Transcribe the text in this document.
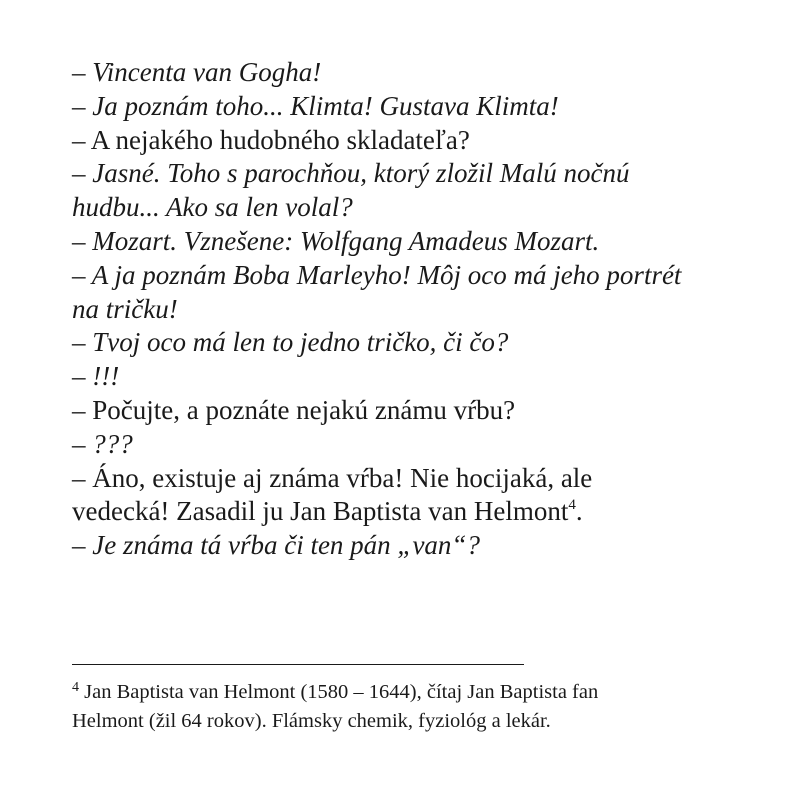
– Vincenta van Gogha!
– Ja poznám toho... Klimta! Gustava Klimta!
– A nejakého hudobného skladateľa?
– Jasné. Toho s parochňou, ktorý zložil Malú nočnú
hudbu... Ako sa len volal?
– Mozart. Vznešene: Wolfgang Amadeus Mozart.
– A ja poznám Boba Marleyho! Môj oco má jeho portrét
na tričku!
– Tvoj oco má len to jedno tričko, či čo?
– !!!
– Počujte, a poznáte nejakú známu vŕbu?
– ???
– Áno, existuje aj známa vŕba! Nie hocijaká, ale
vedecká! Zasadil ju Jan Baptista van Helmont$^4$.
– Je známa tá vŕba či ten pán „van“?
$^4$ Jan Baptista van Helmont (1580 – 1644), čítaj Jan Baptista fan
Helmont (žil 64 rokov). Flámsky chemik, fyziológ a lekár.
